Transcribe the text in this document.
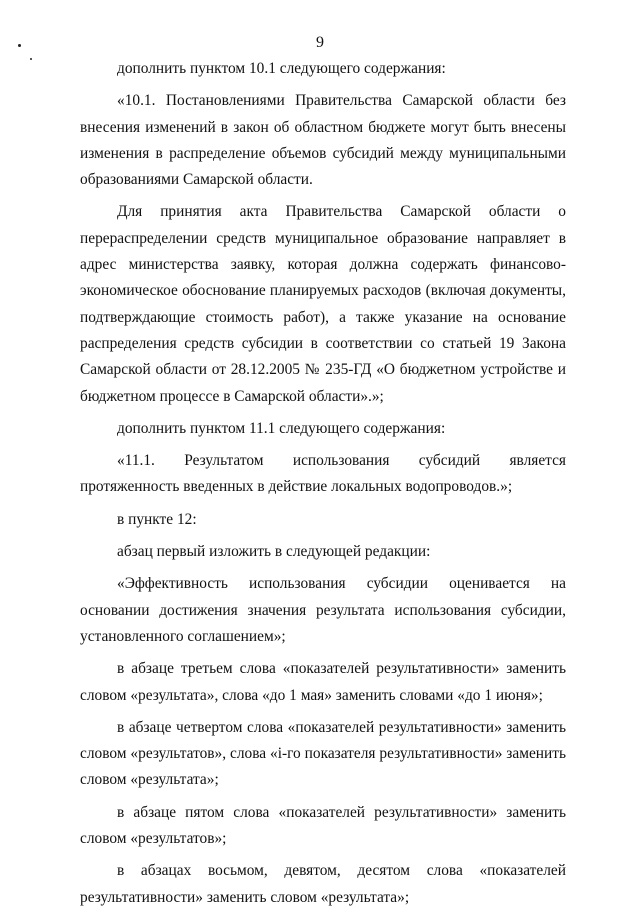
9

дополнить пунктом 10.1 следующего содержания:

«10.1. Постановлениями Правительства Самарской области без внесения изменений в закон об областном бюджете могут быть внесены изменения в распределение объемов субсидий между муниципальными образованиями Самарской области.

Для принятия акта Правительства Самарской области о перераспределении средств муниципальное образование направляет в адрес министерства заявку, которая должна содержать финансово-экономическое обоснование планируемых расходов (включая документы, подтверждающие стоимость работ), а также указание на основание распределения средств субсидии в соответствии со статьей 19 Закона Самарской области от 28.12.2005 № 235-ГД «О бюджетном устройстве и бюджетном процессе в Самарской области».»;

дополнить пунктом 11.1 следующего содержания:

«11.1. Результатом использования субсидий является протяженность введенных в действие локальных водопроводов.»;

в пункте 12:

абзац первый изложить в следующей редакции:

«Эффективность использования субсидии оценивается на основании достижения значения результата использования субсидии, установленного соглашением»;

в абзаце третьем слова «показателей результативности» заменить словом «результата», слова «до 1 мая» заменить словами «до 1 июня»;

в абзаце четвертом слова «показателей результативности» заменить словом «результатов», слова «i-го показателя результативности» заменить словом «результата»;

в абзаце пятом слова «показателей результативности» заменить словом «результатов»;

в абзацах восьмом, девятом, десятом слова «показателей результативности» заменить словом «результата»;
